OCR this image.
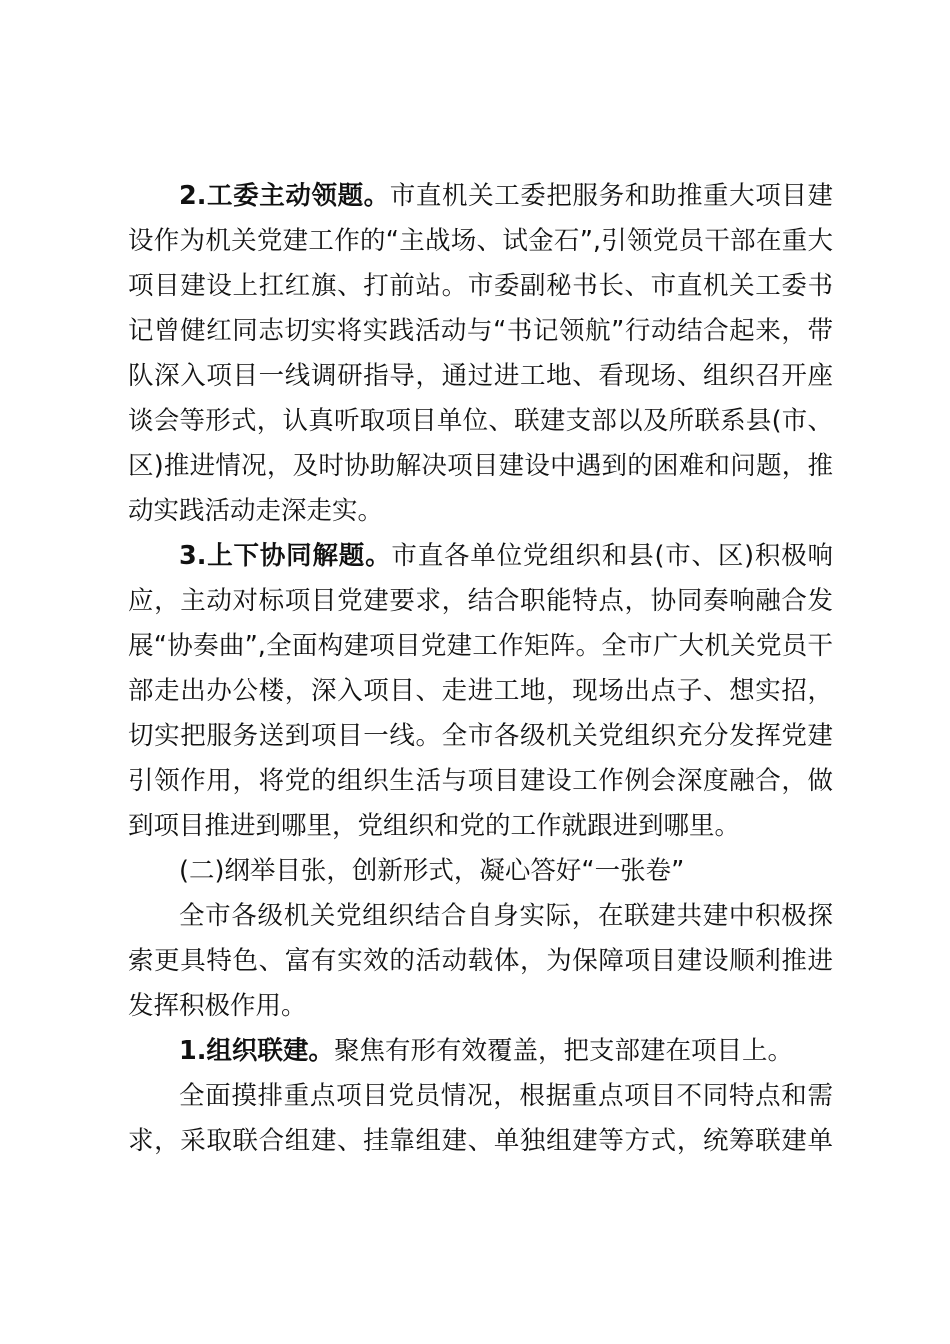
2.工委主动领题。市直机关工委把服务和助推重大项目建
设作为机关党建工作的“主战场、试金石”,引领党员干部在重大
项目建设上扛红旗、打前站。市委副秘书长、市直机关工委书
记曾健红同志切实将实践活动与“书记领航”行动结合起来，带
队深入项目一线调研指导，通过进工地、看现场、组织召开座
谈会等形式，认真听取项目单位、联建支部以及所联系县(市、
区)推进情况，及时协助解决项目建设中遇到的困难和问题，推
动实践活动走深走实。
3.上下协同解题。市直各单位党组织和县(市、区)积极响
应，主动对标项目党建要求，结合职能特点，协同奏响融合发
展“协奏曲”,全面构建项目党建工作矩阵。全市广大机关党员干
部走出办公楼，深入项目、走进工地，现场出点子、想实招，
切实把服务送到项目一线。全市各级机关党组织充分发挥党建
引领作用，将党的组织生活与项目建设工作例会深度融合，做
到项目推进到哪里，党组织和党的工作就跟进到哪里。
(二)纲举目张，创新形式，凝心答好“一张卷”
全市各级机关党组织结合自身实际，在联建共建中积极探
索更具特色、富有实效的活动载体，为保障项目建设顺利推进
发挥积极作用。
1.组织联建。聚焦有形有效覆盖，把支部建在项目上。
全面摸排重点项目党员情况，根据重点项目不同特点和需
求，采取联合组建、挂靠组建、单独组建等方式，统筹联建单
